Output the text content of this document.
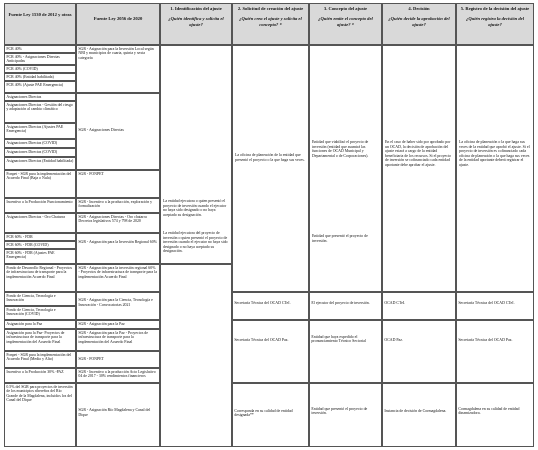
Fuente Ley 1530 de 2012 y otras
Fuente Ley 2056 de 2020
1. Identificación del ajuste
¿Quién identifica y solicita el ajuste?
2. Solicitud de creación del ajuste
¿Quién crea el ajuste y solicita el concepto? *
3. Concepto del ajuste
¿Quién emite el concepto del ajuste? *
4. Decisión
¿Quién decide la aprobación del ajuste?
5. Registro de la decisión del ajuste
¿Quién registra la decisión del ajuste?
FCR 40%
FCR 40% - Asignaciones Directas Anticipadas
FCR 40% (COVID)
FCR 40% (Entidad habilitada)
FCR 40% (Ajuste PAE Emergencia)
Asignaciones Directas
Asignaciones Directas - Gestión del riesgo y adaptación al cambio climático
Asignaciones Directas (Ajustes PAE Emergencia)
Asignaciones Directas (COVID)
Asignaciones Directas (COVID)
Asignaciones Directas (Entidad habilitada)
Fonpet - SGR para la implementación del Acuerdo Final (Baja o Nula)
Incentivo a la Producción Funcionamiento
Asignaciones Directas - Oro Chatarra
FCR 60% - FDR
FCR 60% - FDR (COVID)
FCR 60% - FDR (Ajustes PAE Emergencia)
Fondo de Desarrollo Regional - Proyectos de infraestructura de transporte para la implementación Acuerdo Final
Fondo de Ciencia, Tecnología e Innovación
Fondo de Ciencia, Tecnología e Innovación (COVID)
Asignación para la Paz
Asignación para la Paz- Proyectos de infraestructura de transporte para la implementación del Acuerdo Final
Fonpet - SGR para la implementación del Acuerdo Final (Medio y Alto)
Incentivo a la Producción 30% -PAZ
0.5% del SGR para proyectos de inversión de los municipios ribereños del Río Grande de la Magdalena, incluidos los del Canal del Dique
SGR - Asignación para la Inversión Local según NBI y municipios de cuarta, quinta y sexta categoría
SGR - Asignaciones Directas
SGR - FONPET
SGR - Incentivo a la producción, exploración y formalización
SGR - Asignaciones Directas - Oro chatarra Decretos legislativos 574 y 798 de 2020
SGR - Asignación para la Inversión Regional 60%
SGR - Asignación para la inversión regional 60% - Proyectos de infraestructura de transporte para la implementación Acuerdo Final
SGR - Asignación para la Ciencia, Tecnología e Innovación - Convocatorias 2021
SGR - Asignación para la Paz
SGR - Asignación para la Paz - Proyectos de infraestructura de transporte para la implementación del Acuerdo Final
SGR - FONPET
SGR - Incentivo a la producción Acto Legislativo 04 de 2017 - 30% rendimientos financieros
SGR - Asignación Río Magdalena y Canal del Dique
La entidad ejecutora o quien presentó el proyecto de inversión cuando el ejecutor no haya sido designado o no haya aceptado su designación.
La entidad ejecutora del proyecto de inversión o quien presentó el proyecto de inversión cuando el ejecutor no haya sido designado o no haya aceptado su designación.
La oficina de planeación de la entidad que presentó el proyecto o la que haga sus veces.
Secretaría Técnica del OCAD CTeI.
Secretaría Técnica del OCAD Paz.
Corresponda en su calidad de entidad designada**
Entidad que viabilizó el proyecto de inversión (entidad que asumirá las funciones de OCAD Municipal y Departamental o de Corporaciones).
Entidad que presentó el proyecto de inversión.
El ejecutor del proyecto de inversión.
Entidad que haya expedido el pronunciamiento Técnico Sectorial
Entidad que presentó el proyecto de inversión.
En el caso de haber sido por aprobado por un OCAD, la decisión de aprobación del ajuste estará a cargo de la entidad beneficiaria de los recursos. Si el proyecto de inversión se cofinanciado cada entidad aportante debe aprobar el ajuste.
OCAD CTeI.
OCAD Paz.
Instancia de decisión de Cormagdalena.
La oficina de planeación o la que haga sus veces de la entidad que aprobó el ajuste. Si el proyecto de inversión es cofinanciado cada oficina de planeación o la que haga sus veces de la entidad aportante deberá registrar el ajuste.
Secretaría Técnica del OCAD CTeI.
Secretaría Técnica del OCAD Paz.
Cormagdalena en su calidad de entidad dinamizadora.
